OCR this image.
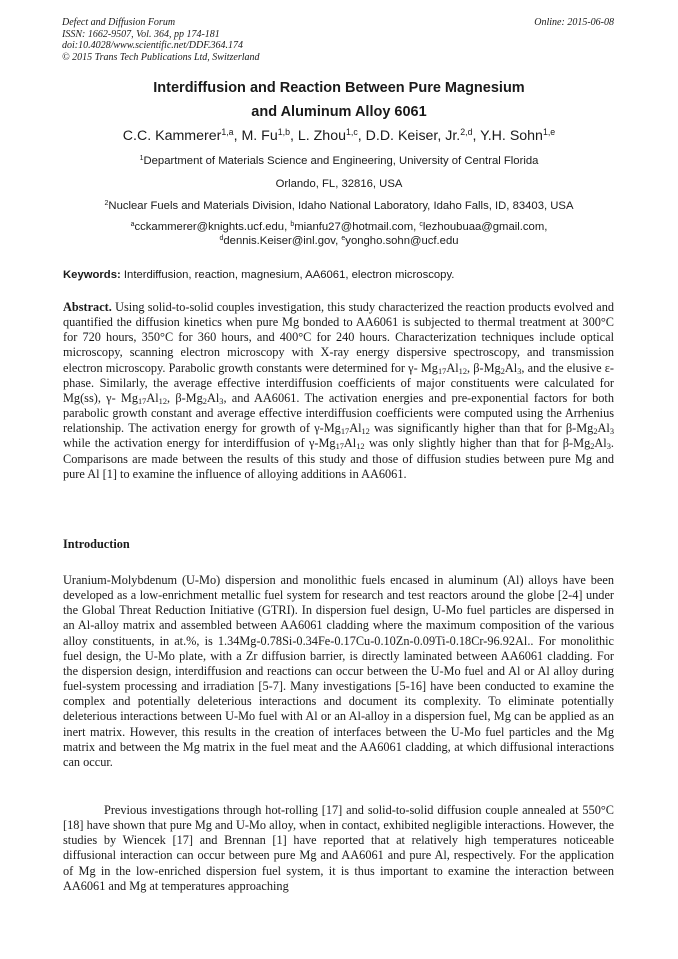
Defect and Diffusion Forum
ISSN: 1662-9507, Vol. 364, pp 174-181
doi:10.4028/www.scientific.net/DDF.364.174
© 2015 Trans Tech Publications Ltd, Switzerland
Online: 2015-06-08
Interdiffusion and Reaction Between Pure Magnesium
and Aluminum Alloy 6061
C.C. Kammerer$^{1,a}$, M. Fu$^{1,b}$, L. Zhou$^{1,c}$, D.D. Keiser, Jr.$^{2,d}$, Y.H. Sohn$^{1,e}$
$^1$Department of Materials Science and Engineering, University of Central Florida
Orlando, FL, 32816, USA
$^2$Nuclear Fuels and Materials Division, Idaho National Laboratory, Idaho Falls, ID, 83403, USA
$^a$cckammerer@knights.ucf.edu, $^b$mianfu27@hotmail.com, $^c$lezhoubuaa@gmail.com,
$^d$dennis.Keiser@inl.gov, $^e$yongho.sohn@ucf.edu
Keywords: Interdiffusion, reaction, magnesium, AA6061, electron microscopy.
Abstract. Using solid-to-solid couples investigation, this study characterized the reaction products evolved and quantified the diffusion kinetics when pure Mg bonded to AA6061 is subjected to thermal treatment at 300°C for 720 hours, 350°C for 360 hours, and 400°C for 240 hours. Characterization techniques include optical microscopy, scanning electron microscopy with X-ray energy dispersive spectroscopy, and transmission electron microscopy. Parabolic growth constants were determined for γ- $Mg_{17}Al_{12}$, $\beta-Mg_2Al_3$, and the elusive ε-phase. Similarly, the average effective interdiffusion coefficients of major constituents were calculated for Mg(ss), γ- $Mg_{17}Al_{12}$, $\beta-Mg_2Al_3$, and AA6061. The activation energies and pre-exponential factors for both parabolic growth constant and average effective interdiffusion coefficients were computed using the Arrhenius relationship. The activation energy for growth of $\gamma-Mg_{17}Al_{12}$ was significantly higher than that for $\beta-Mg_2Al_3$ while the activation energy for interdiffusion of $\gamma-Mg_{17}Al_{12}$ was only slightly higher than that for $\beta-Mg_2Al_3$. Comparisons are made between the results of this study and those of diffusion studies between pure Mg and pure Al [1] to examine the influence of alloying additions in AA6061.
Introduction
Uranium-Molybdenum (U-Mo) dispersion and monolithic fuels encased in aluminum (Al) alloys have been developed as a low-enrichment metallic fuel system for research and test reactors around the globe [2-4] under the Global Threat Reduction Initiative (GTRI). In dispersion fuel design, U-Mo fuel particles are dispersed in an Al-alloy matrix and assembled between AA6061 cladding where the maximum composition of the various alloy constituents, in at.%, is 1.34Mg-0.78Si-0.34Fe-0.17Cu-0.10Zn-0.09Ti-0.18Cr-96.92Al.. For monolithic fuel design, the U-Mo plate, with a Zr diffusion barrier, is directly laminated between AA6061 cladding. For the dispersion design, interdiffusion and reactions can occur between the U-Mo fuel and Al or Al alloy during fuel-system processing and irradiation [5-7]. Many investigations [5-16] have been conducted to examine the complex and potentially deleterious interactions and document its complexity. To eliminate potentially deleterious interactions between U-Mo fuel with Al or an Al-alloy in a dispersion fuel, Mg can be applied as an inert matrix. However, this results in the creation of interfaces between the U-Mo fuel particles and the Mg matrix and between the Mg matrix in the fuel meat and the AA6061 cladding, at which diffusional interactions can occur.
Previous investigations through hot-rolling [17] and solid-to-solid diffusion couple annealed at 550°C [18] have shown that pure Mg and U-Mo alloy, when in contact, exhibited negligible interactions. However, the studies by Wiencek [17] and Brennan [1] have reported that at relatively high temperatures noticeable diffusional interaction can occur between pure Mg and AA6061 and pure Al, respectively. For the application of Mg in the low-enriched dispersion fuel system, it is thus important to examine the interaction between AA6061 and Mg at temperatures approaching
